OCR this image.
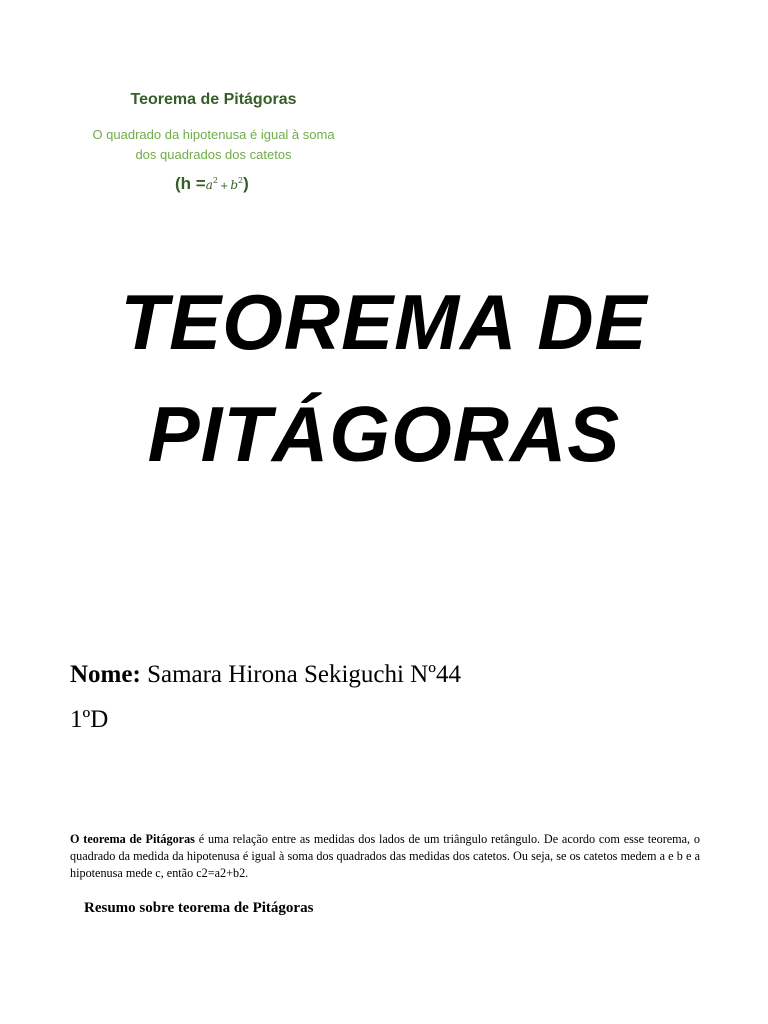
Teorema de Pitágoras
O quadrado da hipotenusa é igual à soma
dos quadrados dos catetos
$(h =a^2+ b^2)$
TEOREMA DE
PITÁGORAS
Nome: Samara Hirona Sekiguchi Nº44
1ºD
O teorema de Pitágoras é uma relação entre as medidas dos lados de um triângulo retângulo. De acordo com esse teorema, o quadrado da medida da hipotenusa é igual à soma dos quadrados das medidas dos catetos. Ou seja, se os catetos medem a e b e a hipotenusa mede c, então c2=a2+b2.
Resumo sobre teorema de Pitágoras
